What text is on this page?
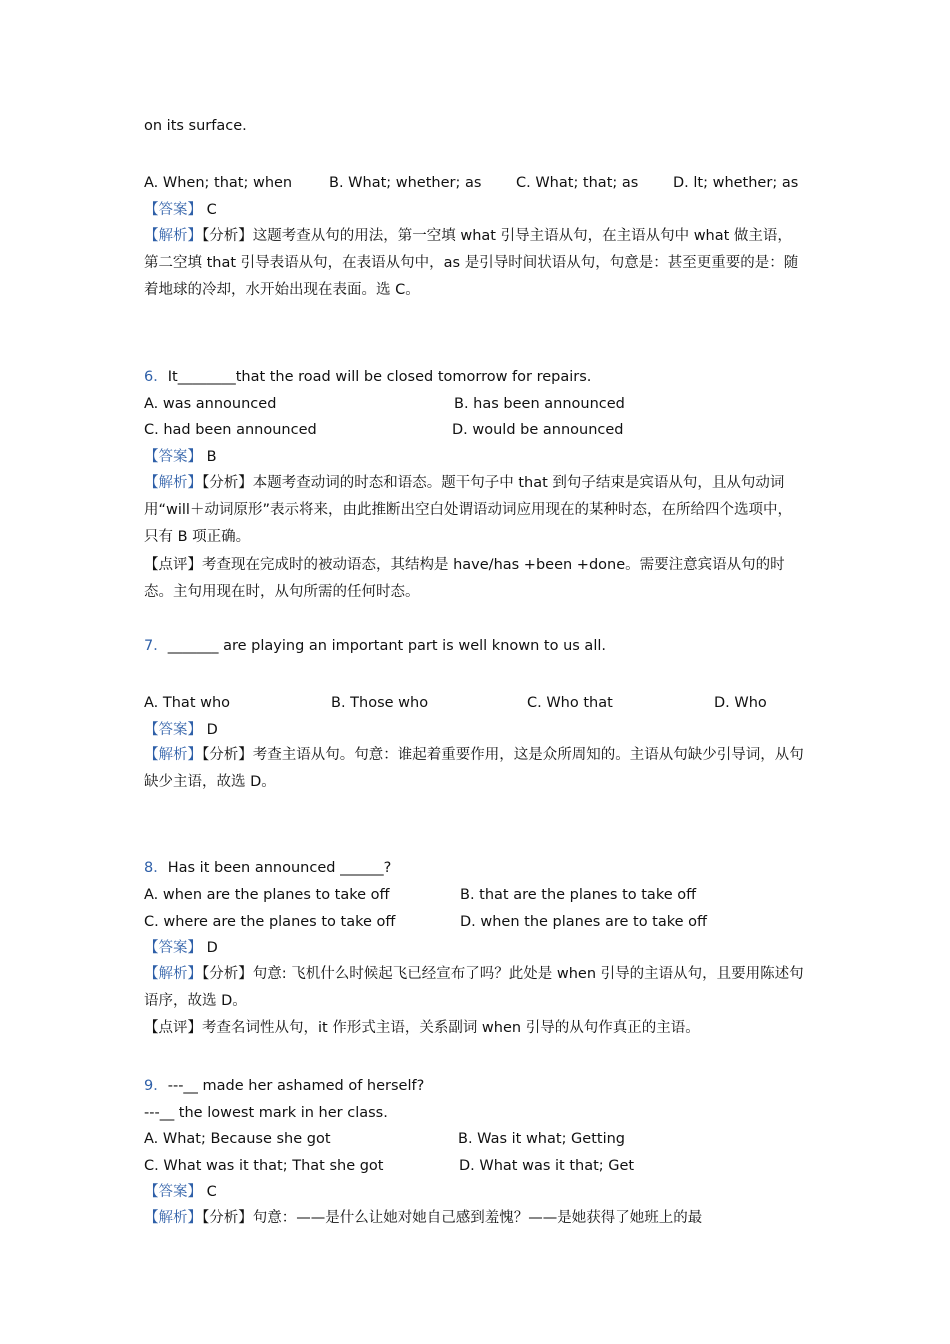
on its surface.
A. When; that; when	B. What; whether; as C. What; that; as D. lt; whether; as
【答案】 C
【解析】【分析】这题考查从句的用法，第一空填 what 引导主语从句，在主语从句中 what 做主语，第二空填 that 引导表语从句，在表语从句中，as 是引导时间状语从句，句意是：甚至更重要的是：随着地球的冷却，水开始出现在表面。选 C。
6．It________that the road will be closed tomorrow for repairs.
A. was announced	B. has been announced
C. had been announced	D. would be announced
【答案】 B
【解析】【分析】本题考查动词的时态和语态。题干句子中 that 到句子结束是宾语从句，且从句动词用“will＋动词原形”表示将来，由此推断出空白处谓语动词应用现在的某种时态，在所给四个选项中，只有 B 项正确。
【点评】考查现在完成时的被动语态，其结构是 have/has +been +done。需要注意宾语从句的时态。主句用现在时，从句所需的任何时态。
7．_______ are playing an important part is well known to us all.
A. That who	B. Those who	C. Who that	D. Who
【答案】 D
【解析】【分析】考查主语从句。句意：谁起着重要作用，这是众所周知的。主语从句缺少引导词，从句缺少主语，故选 D。
8．Has it been announced ______?
A. when are the planes to take off	B. that are the planes to take off
C. where are the planes to take off	D. when the planes are to take off
【答案】 D
【解析】【分析】句意: 飞机什么时候起飞已经宣布了吗？此处是 when 引导的主语从句，且要用陈述句语序，故选 D。
【点评】考查名词性从句，it 作形式主语，关系副词 when 引导的从句作真正的主语。
9．---__ made her ashamed of herself?
---__ the lowest mark in her class.
A. What; Because she got	B. Was it what; Getting
C. What was it that; That she got	D. What was it that; Get
【答案】 C
【解析】【分析】句意：——是什么让她对她自己感到羞愧？——是她获得了她班上的最
